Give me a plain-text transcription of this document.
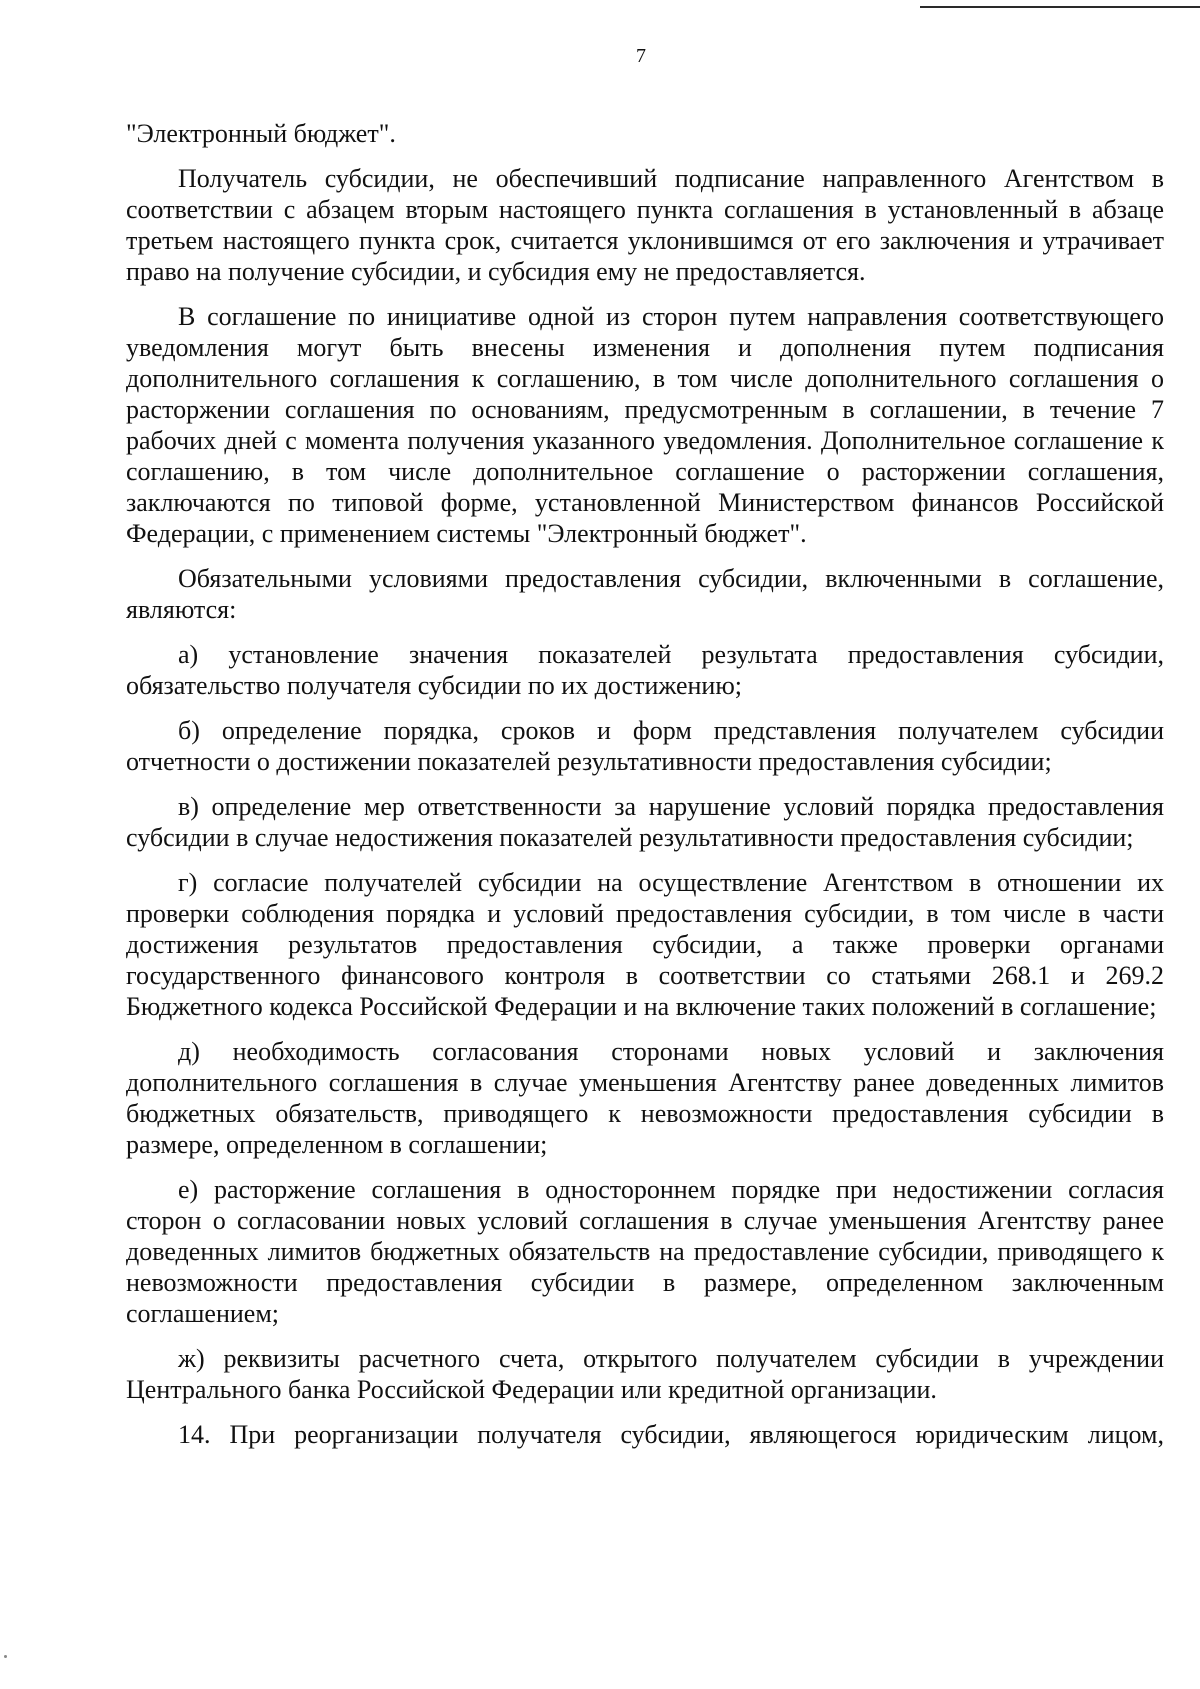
7

"Электронный бюджет".

Получатель субсидии, не обеспечивший подписание направленного Агентством в соответствии с абзацем вторым настоящего пункта соглашения в установленный в абзаце третьем настоящего пункта срок, считается уклонившимся от его заключения и утрачивает право на получение субсидии, и субсидия ему не предоставляется.

В соглашение по инициативе одной из сторон путем направления соответствующего уведомления могут быть внесены изменения и дополнения путем подписания дополнительного соглашения к соглашению, в том числе дополнительного соглашения о расторжении соглашения по основаниям, предусмотренным в соглашении, в течение 7 рабочих дней с момента получения указанного уведомления. Дополнительное соглашение к соглашению, в том числе дополнительное соглашение о расторжении соглашения, заключаются по типовой форме, установленной Министерством финансов Российской Федерации, с применением системы "Электронный бюджет".

Обязательными условиями предоставления субсидии, включенными в соглашение, являются:

а) установление значения показателей результата предоставления субсидии, обязательство получателя субсидии по их достижению;

б) определение порядка, сроков и форм представления получателем субсидии отчетности о достижении показателей результативности предоставления субсидии;

в) определение мер ответственности за нарушение условий порядка предоставления субсидии в случае недостижения показателей результативности предоставления субсидии;

г) согласие получателей субсидии на осуществление Агентством в отношении их проверки соблюдения порядка и условий предоставления субсидии, в том числе в части достижения результатов предоставления субсидии, а также проверки органами государственного финансового контроля в соответствии со статьями 268.1 и 269.2 Бюджетного кодекса Российской Федерации и на включение таких положений в соглашение;

д) необходимость согласования сторонами новых условий и заключения дополнительного соглашения в случае уменьшения Агентству ранее доведенных лимитов бюджетных обязательств, приводящего к невозможности предоставления субсидии в размере, определенном в соглашении;

е) расторжение соглашения в одностороннем порядке при недостижении согласия сторон о согласовании новых условий соглашения в случае уменьшения Агентству ранее доведенных лимитов бюджетных обязательств на предоставление субсидии, приводящего к невозможности предоставления субсидии в размере, определенном заключенным соглашением;

ж) реквизиты расчетного счета, открытого получателем субсидии в учреждении Центрального банка Российской Федерации или кредитной организации.

14. При реорганизации получателя субсидии, являющегося юридическим лицом,
